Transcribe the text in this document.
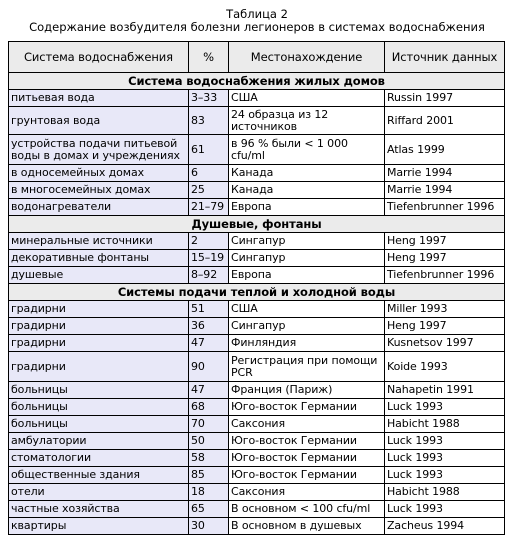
Таблица 2
Содержание возбудителя болезни легионеров в системах водоснабжения
Система водоснабжения	%	Местонахождение	Источник данных
Система водоснабжения жилых домов			
питьевая вода	3–33	США	Russin 1997
грунтовая вода	83	24 образца из 12 источников	Riffard 2001
устройства подачи питьевой воды в домах и учреждениях	61	в 96 % были < 1 000 cfu/ml	Atlas 1999
в односемейных домах	6	Канада	Marrie 1994
в многосемейных домах	25	Канада	Marrie 1994
водонагреватели	21–79	Европа	Tiefenbrunner 1996
Душевые, фонтаны			
минеральные источники	2	Сингапур	Heng 1997
декоративные фонтаны	15–19	Сингапур	Heng 1997
душевые	8–92	Европа	Tiefenbrunner 1996
Системы подачи теплой и холодной воды			
градирни	51	США	Miller 1993
градирни	36	Сингапур	Heng 1997
градирни	47	Финляндия	Kusnetsov 1997
градирни	90	Регистрация при помощи PCR	Koide 1993
больницы	47	Франция (Париж)	Nahapetin 1991
больницы	68	Юго-восток Германии	Luck 1993
больницы	70	Саксония	Habicht 1988
амбулатории	50	Юго-восток Германии	Luck 1993
стоматологии	58	Юго-восток Германии	Luck 1993
общественные здания	85	Юго-восток Германии	Luck 1993
отели	18	Саксония	Habicht 1988
частные хозяйства	65	В основном < 100 cfu/ml	Luck 1993
квартиры	30	В основном в душевых	Zacheus 1994
